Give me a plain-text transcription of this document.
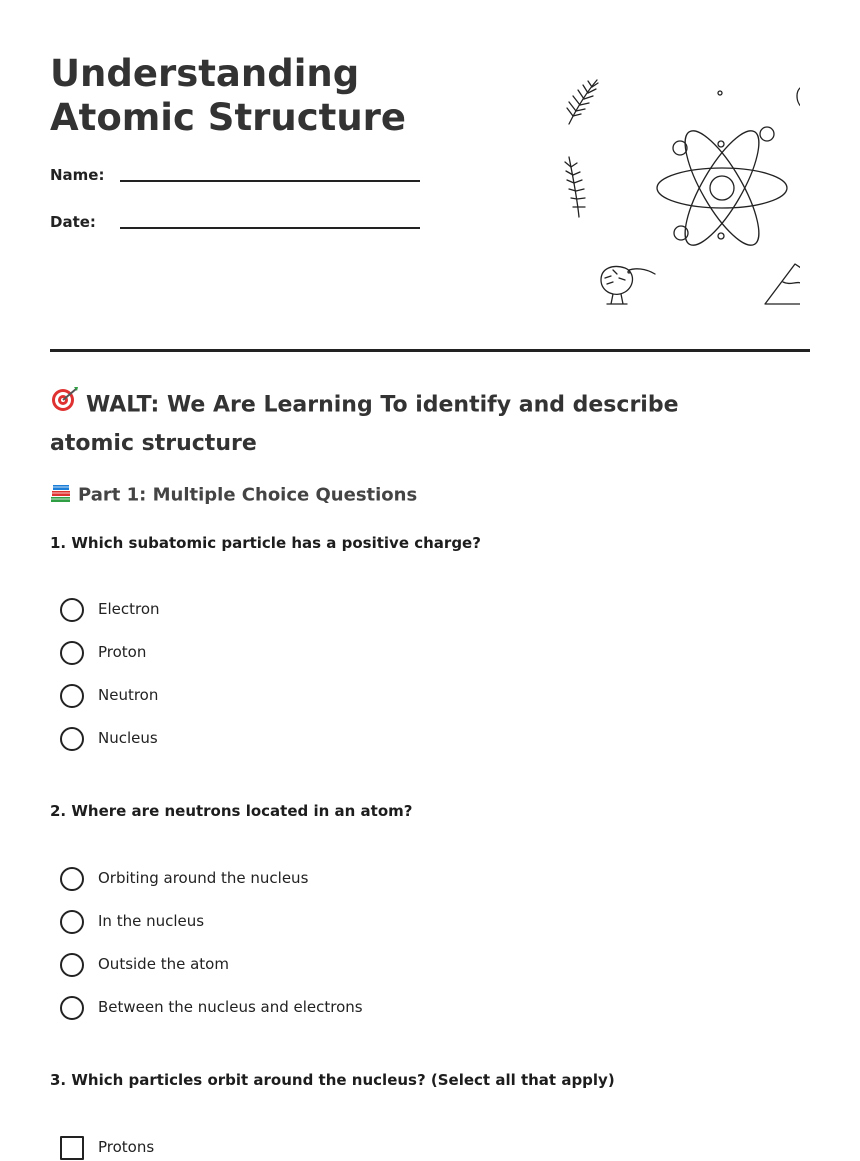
Understanding Atomic Structure
Name:
Date:
WALT: We Are Learning To identify and describe atomic structure
Part 1: Multiple Choice Questions
1. Which subatomic particle has a positive charge?
Electron
Proton
Neutron
Nucleus
2. Where are neutrons located in an atom?
Orbiting around the nucleus
In the nucleus
Outside the atom
Between the nucleus and electrons
3. Which particles orbit around the nucleus? (Select all that apply)
Protons
